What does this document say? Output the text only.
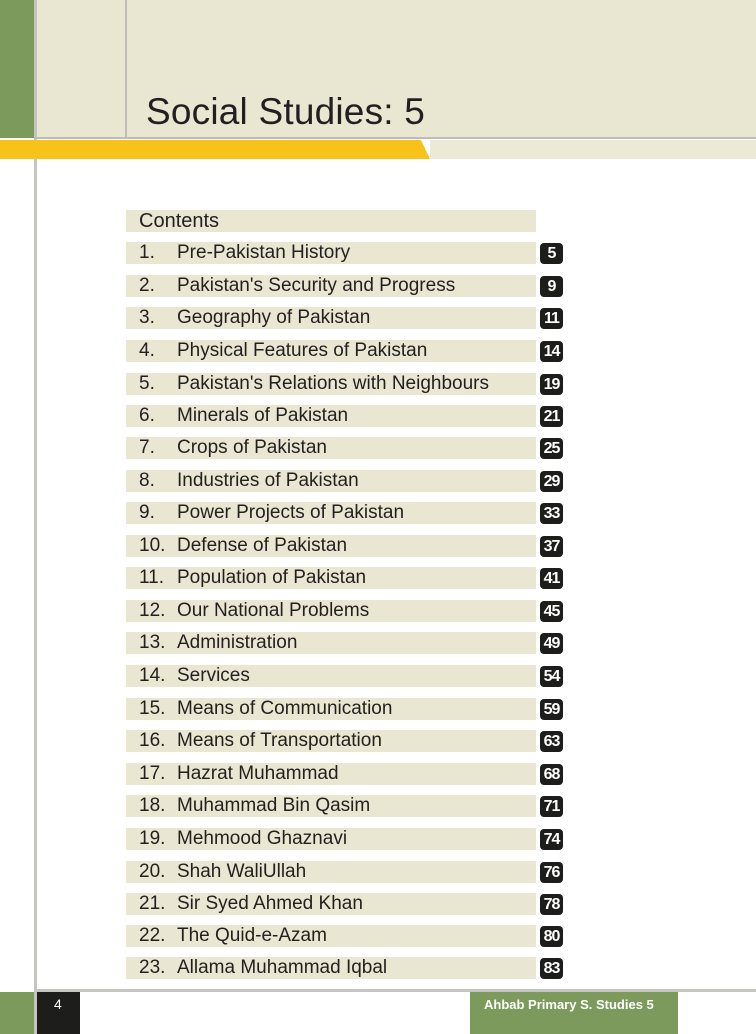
Social Studies: 5
Contents
1. Pre-Pakistan History	5
2. Pakistan's Security and Progress	9
3. Geography of Pakistan	11
4. Physical Features of Pakistan	14
5. Pakistan's Relations with Neighbours	19
6. Minerals of Pakistan	21
7. Crops of Pakistan	25
8. Industries of Pakistan	29
9. Power Projects of Pakistan	33
10. Defense of Pakistan	37
11. Population of Pakistan	41
12. Our National Problems	45
13. Administration	49
14. Services	54
15. Means of Communication	59
16. Means of Transportation	63
17. Hazrat Muhammad	68
18. Muhammad Bin Qasim	71
19. Mehmood Ghaznavi	74
20. Shah WaliUllah	76
21. Sir Syed Ahmed Khan	78
22. The Quid-e-Azam	80
23. Allama Muhammad Iqbal	83
4	Ahbab Primary S. Studies 5
